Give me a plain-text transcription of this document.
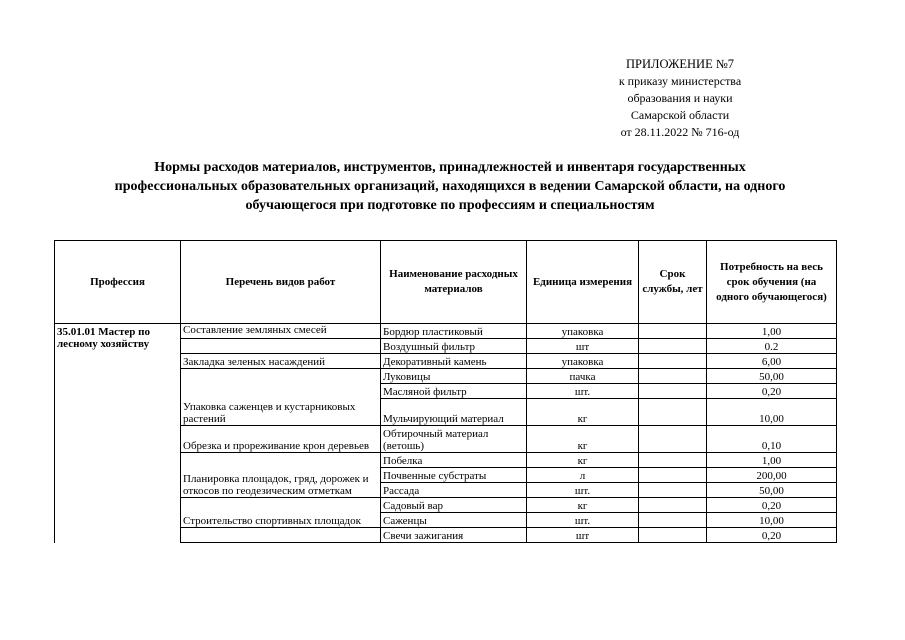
ПРИЛОЖЕНИЕ №7
к приказу министерства
образования и науки
Самарской области
от 28.11.2022 № 716-од
Нормы расходов материалов, инструментов, принадлежностей и инвентаря государственных
профессиональных образовательных организаций, находящихся в ведении Самарской области, на одного
обучающегося при подготовке по профессиям и специальностям
Профессия	Перечень видов работ	Наименование расходных материалов	Единица измерения	Срок службы, лет	Потребность на весь срок обучения (на одного обучающегося)
35.01.01 Мастер по лесному хозяйству	Составление земляных смесей	Бордюр пластиковый	упаковка		1,00
		Воздушный фильтр	шт		0.2
	Закладка зеленых насаждений	Декоративный камень	упаковка		6,00
	Упаковка саженцев и кустарниковых растений	Луковицы	пачка		50,00
		Масляной фильтр	шт.		0,20
		Мульчирующий материал	кг		10,00
	Обрезка и прореживание крон деревьев	Обтирочный материал (ветошь)	кг		0,10
	Планировка площадок, гряд, дорожек и откосов по геодезическим отметкам	Побелка	кг		1,00
		Почвенные субстраты	л		200,00
		Рассада	шт.		50,00
	Строительство спортивных площадок	Садовый вар	кг		0,20
		Саженцы	шт.		10,00
		Свечи зажигания	шт		0,20
